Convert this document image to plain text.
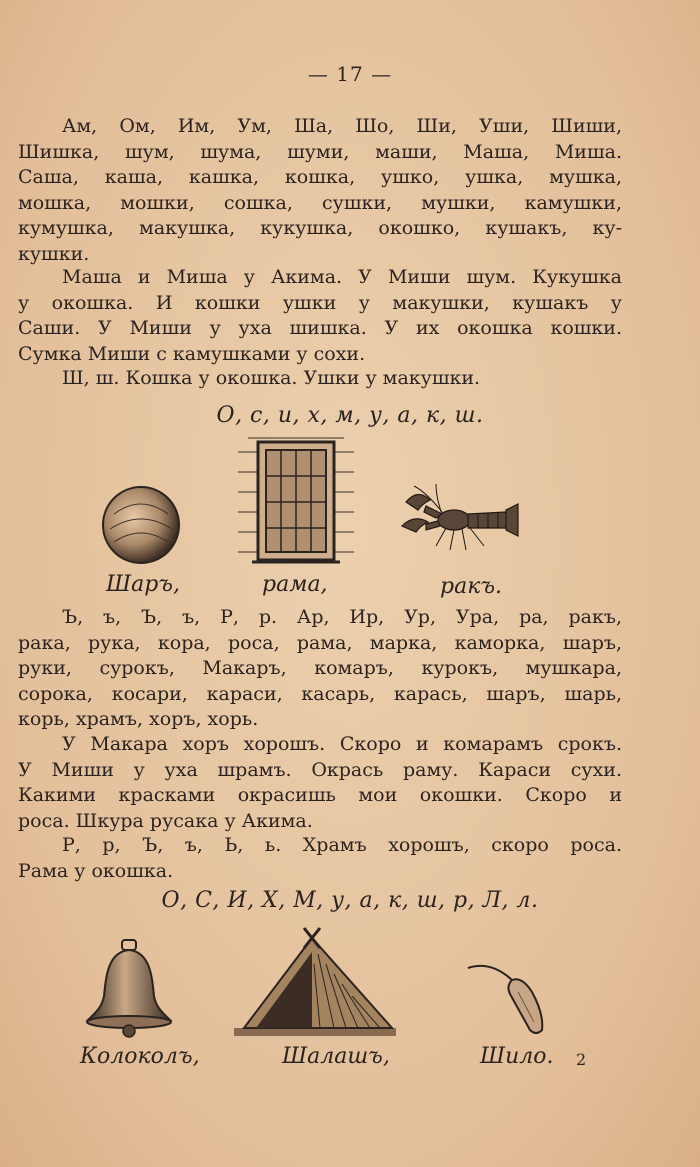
— 17 —
Ам, Ом, Им, Ум, Ша, Шо, Ши, Уши, Шиши,
Шишка, шум, шума, шуми, маши, Маша, Миша.
Саша, каша, кашка, кошка, ушко, ушка, мушка,
мошка, мошки, сошка, сушки, мушки, камушки,
кумушка, макушка, кукушка, окошко, кушакъ, ку-
кушки.
Маша и Миша у Акима. У Миши шум. Кукушка
у окошка. И кошки ушки у макушки, кушакъ у
Саши. У Миши у уха шишка. У их окошка кошки.
Сумка Миши с камушками у сохи.
Ш, ш. Кошка у окошка. Ушки у макушки.
О, с, и, х, м, у, а, к, ш.
Шаръ,	рама,	ракъ.
Ъ, ъ, Ъ, ъ, Р, р. Ар, Ир, Ур, Ура, ра, ракъ,
рака, рука, кора, роса, рама, марка, каморка, шаръ,
руки, сурокъ, Макаръ, комаръ, курокъ, мушкара,
сорока, косари, караси, касарь, карась, шаръ, шарь,
корь, храмъ, хоръ, хорь.
У Макара хоръ хорошъ. Скоро и комарамъ срокъ.
У Миши у уха шрамъ. Окрась раму. Караси сухи.
Какими красками окрасишь мои окошки. Скоро и
роса. Шкура русака у Акима.
Р, р, Ъ, ъ, Ь, ь. Храмъ хорошъ, скоро роса.
Рама у окошка.
О, С, И, Х, М, у, а, к, ш, р, Л, л.
Колоколъ,	Шалашъ,	Шило. 2
